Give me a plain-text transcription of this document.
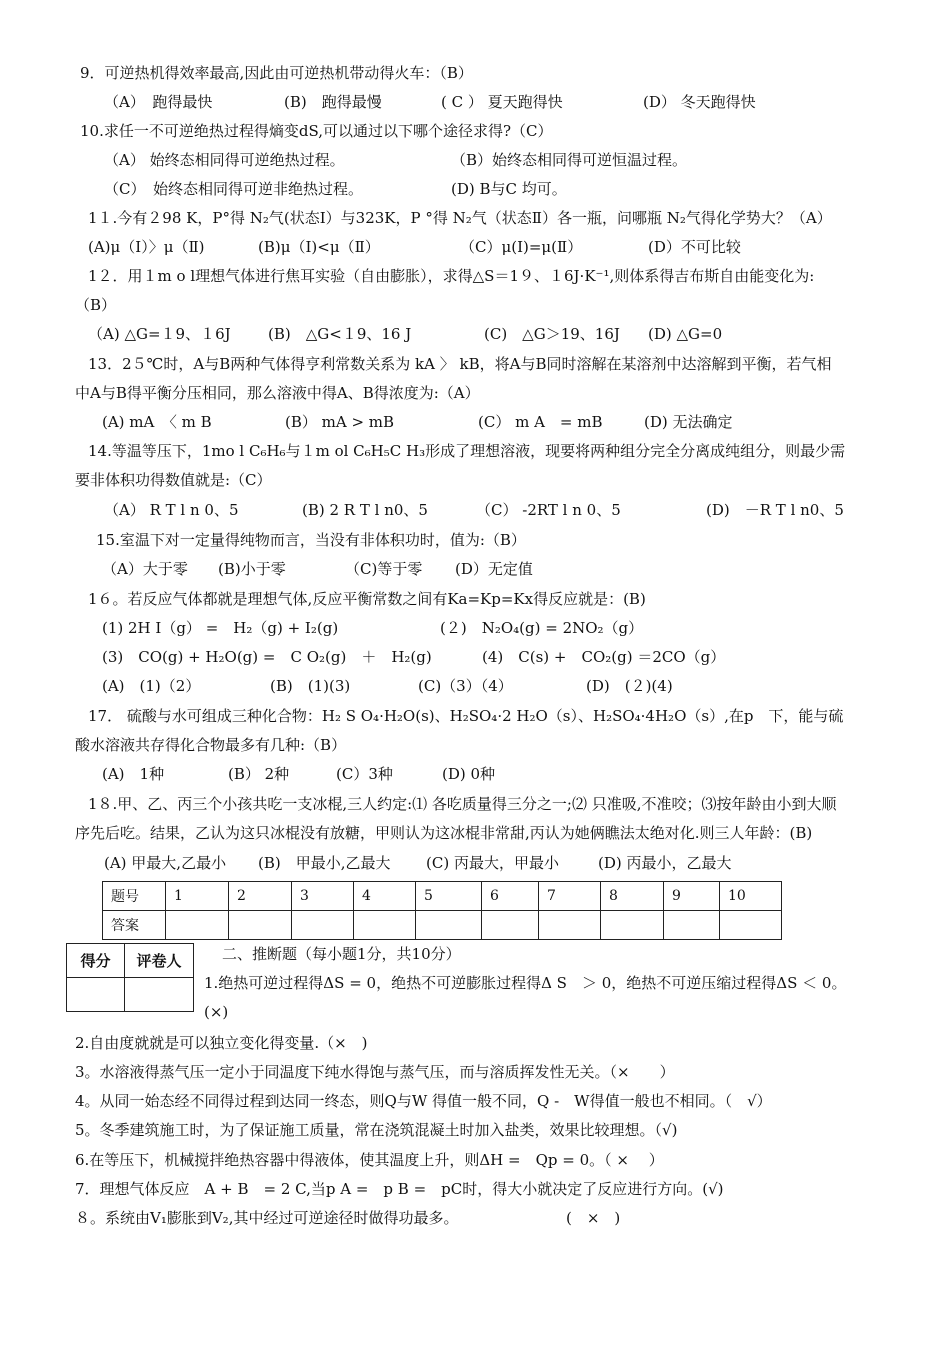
9．可逆热机得效率最高,因此由可逆热机带动得火车：（B）
（A）　跑得最快	(B)　跑得最慢	( C ） 夏天跑得快	(D） 冬天跑得快
10.求任一不可逆绝热过程得熵变dS,可以通过以下哪个途径求得?（C）
（A） 始终态相同得可逆绝热过程。	（B）始终态相同得可逆恒温过程。
（C）　始终态相同得可逆非绝热过程。	(D) B与C 均可。
1１.今有２98 K，P°得 N₂气(状态Ⅰ）与323K，P °得 N₂气（状态Ⅱ）各一瓶，问哪瓶 N₂气得化学势大？（A）
(A)μ（Ⅰ）〉μ（Ⅱ)	(B)μ（Ⅰ)<μ（Ⅱ）	（C）μ(Ⅰ)=μ(Ⅱ）	(D）不可比较
1２．用１m o l理想气体进行焦耳实验（自由膨胀），求得△S＝1９、１6J·K⁻¹,则体系得吉布斯自由能变化为:
（B）
（A) △G=１9、１6J (B)　△G<１9、16 J	(C)　△G＞19、16J (D) △G=0
13．2５℃时，A与B两种气体得亨利常数关系为 kA 〉 kB，将A与B同时溶解在某溶剂中达溶解到平衡，若气相
中A与B得平衡分压相同，那么溶液中得A、B得浓度为:（A）
(A) mA　〈 m B	(B） mA > mB	(C） m A　= mB	(D) 无法确定
14.等温等压下，1mo l C₆H₆与１m ol C₆H₅C H₃形成了理想溶液，现要将两种组分完全分离成纯组分，则最少需
要非体积功得数值就是:（C）
（A） R T l n 0、5	(B) 2 R T l n0、5	（C） -2RT l n 0、5	(D)　－R T l n0、5
15.室温下对一定量得纯物而言，当没有非体积功时，值为:（B）
（A）大于零 (B)小于零	（C)等于零 (D）无定值
1６。若反应气体都就是理想气体,反应平衡常数之间有Ka=Kp=Kx得反应就是：(B)
(1) 2H I（g） =　H₂（g) + I₂(g)	(２)　N₂O₄(g) = 2NO₂（g）
(3)　CO(g) + H₂O(g) =　C O₂(g)　＋　H₂(g)	(4)　C(s) +　CO₂(g) ＝2CO（g）
(A)　(1)（2）	(B)　(1)(3)	(C)（3）（4）	(D)　(２)(4)
17． 硫酸与水可组成三种化合物：H₂ S O₄·H₂O(s)、H₂SO₄·2 H₂O（s）、H₂SO₄·4H₂O（s）,在p　下，能与硫
酸水溶液共存得化合物最多有几种:（B）
(A)　1种	(B） 2种	(C）3种	(D) 0种
1８.甲、乙、丙三个小孩共吃一支冰棍,三人约定:⑴ 各吃质量得三分之一;⑵ 只准吸,不准咬；⑶按年龄由小到大顺
序先后吃。结果，乙认为这只冰棍没有放糖，甲则认为这冰棍非常甜,丙认为她俩瞧法太绝对化.则三人年龄：(B)
(A) 甲最大,乙最小 (B)　甲最小,乙最大 (C) 丙最大，甲最小	(D) 丙最小，乙最大
题号	1	2	3	4	5	6	7	8	9	10
答案										
得分	评卷人
		二、推断题（每小题1分，共10分）
1.绝热可逆过程得ΔS = 0，绝热不可逆膨胀过程得Δ S　＞ 0，绝热不可逆压缩过程得ΔS ＜ 0。
(×)
2.自由度就就是可以独立变化得变量.（×　)
3。水溶液得蒸气压一定小于同温度下纯水得饱与蒸气压，而与溶质挥发性无关。（×　　）
4。从同一始态经不同得过程到达同一终态，则Q与W 得值一般不同，Q -　W得值一般也不相同。（　√）
5。冬季建筑施工时，为了保证施工质量，常在浇筑混凝土时加入盐类，效果比较理想。（√)
6.在等压下，机械搅拌绝热容器中得液体，使其温度上升，则ΔH =　Qp = 0。（ ×　 ）
7．理想气体反应　A + B　= 2 C,当p A =　p B =　pC时，得大小就决定了反应进行方向。(√)
８。系统由V₁膨胀到V₂,其中经过可逆途径时做得功最多。	(　×　)
